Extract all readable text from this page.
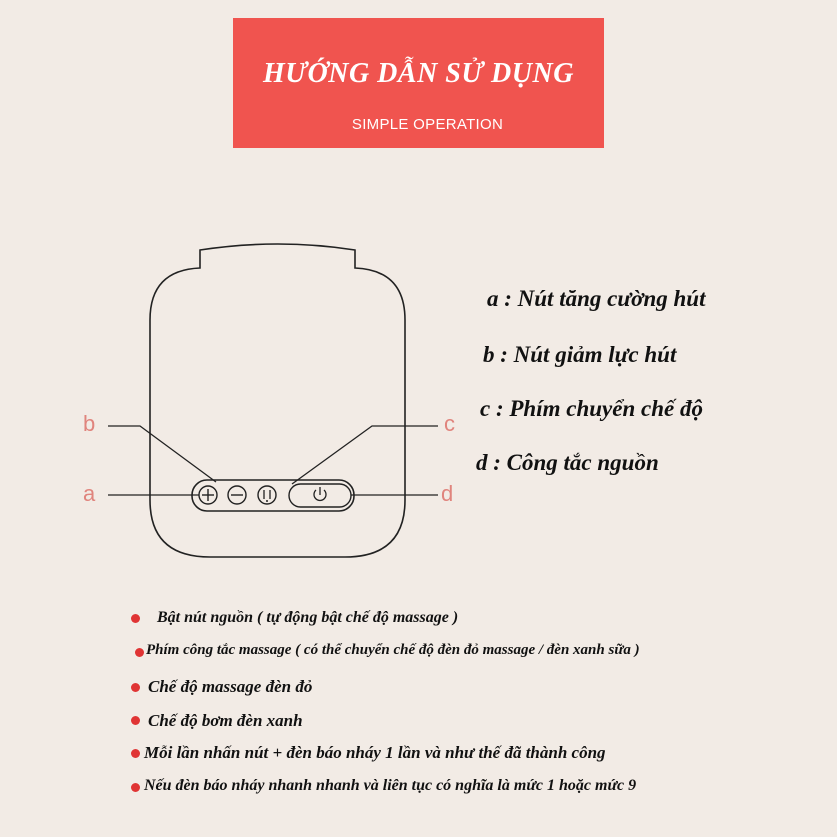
HƯỚNG DẪN SỬ DỤNG
SIMPLE OPERATION
b
a
c
d
a : Nút tăng cường hút
b : Nút giảm lực hút
c : Phím chuyển chế độ
d : Công tắc nguồn
Bật nút nguồn ( tự động bật chế độ massage )
Phím công tắc massage ( có thể chuyển chế độ đèn đỏ massage / đèn xanh sữa )
Chế độ massage đèn đỏ
Chế độ bơm đèn xanh
Mỗi lần nhấn nút + đèn báo nháy 1 lần và như thế đã thành công
Nếu đèn báo nháy nhanh nhanh và liên tục có nghĩa là mức 1 hoặc mức 9
